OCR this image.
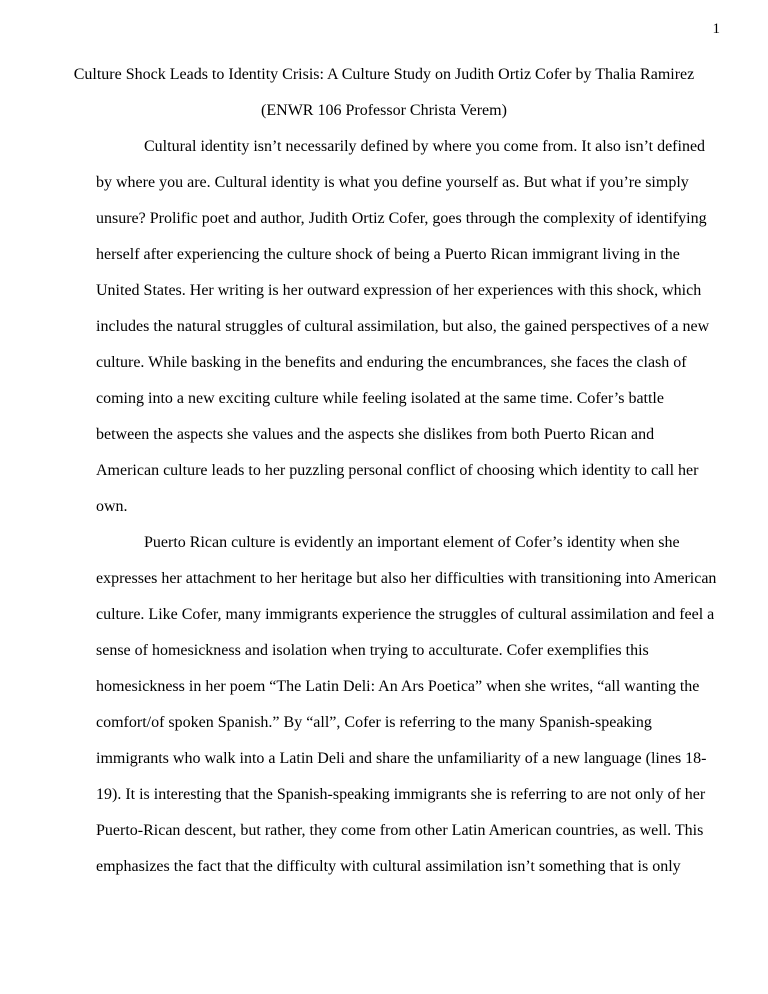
1
Culture Shock Leads to Identity Crisis: A Culture Study on Judith Ortiz Cofer by Thalia Ramirez
(ENWR 106 Professor Christa Verem)
Cultural identity isn’t necessarily defined by where you come from. It also isn’t defined
by where you are. Cultural identity is what you define yourself as. But what if you’re simply
unsure? Prolific poet and author, Judith Ortiz Cofer, goes through the complexity of identifying
herself after experiencing the culture shock of being a Puerto Rican immigrant living in the
United States. Her writing is her outward expression of her experiences with this shock, which
includes the natural struggles of cultural assimilation, but also, the gained perspectives of a new
culture. While basking in the benefits and enduring the encumbrances, she faces the clash of
coming into a new exciting culture while feeling isolated at the same time. Cofer’s battle
between the aspects she values and the aspects she dislikes from both Puerto Rican and
American culture leads to her puzzling personal conflict of choosing which identity to call her
own.
Puerto Rican culture is evidently an important element of Cofer’s identity when she
expresses her attachment to her heritage but also her difficulties with transitioning into American
culture. Like Cofer, many immigrants experience the struggles of cultural assimilation and feel a
sense of homesickness and isolation when trying to acculturate. Cofer exemplifies this
homesickness in her poem “The Latin Deli: An Ars Poetica” when she writes, “all wanting the
comfort/of spoken Spanish.” By “all”, Cofer is referring to the many Spanish-speaking
immigrants who walk into a Latin Deli and share the unfamiliarity of a new language (lines 18-
19). It is interesting that the Spanish-speaking immigrants she is referring to are not only of her
Puerto-Rican descent, but rather, they come from other Latin American countries, as well. This
emphasizes the fact that the difficulty with cultural assimilation isn’t something that is only
